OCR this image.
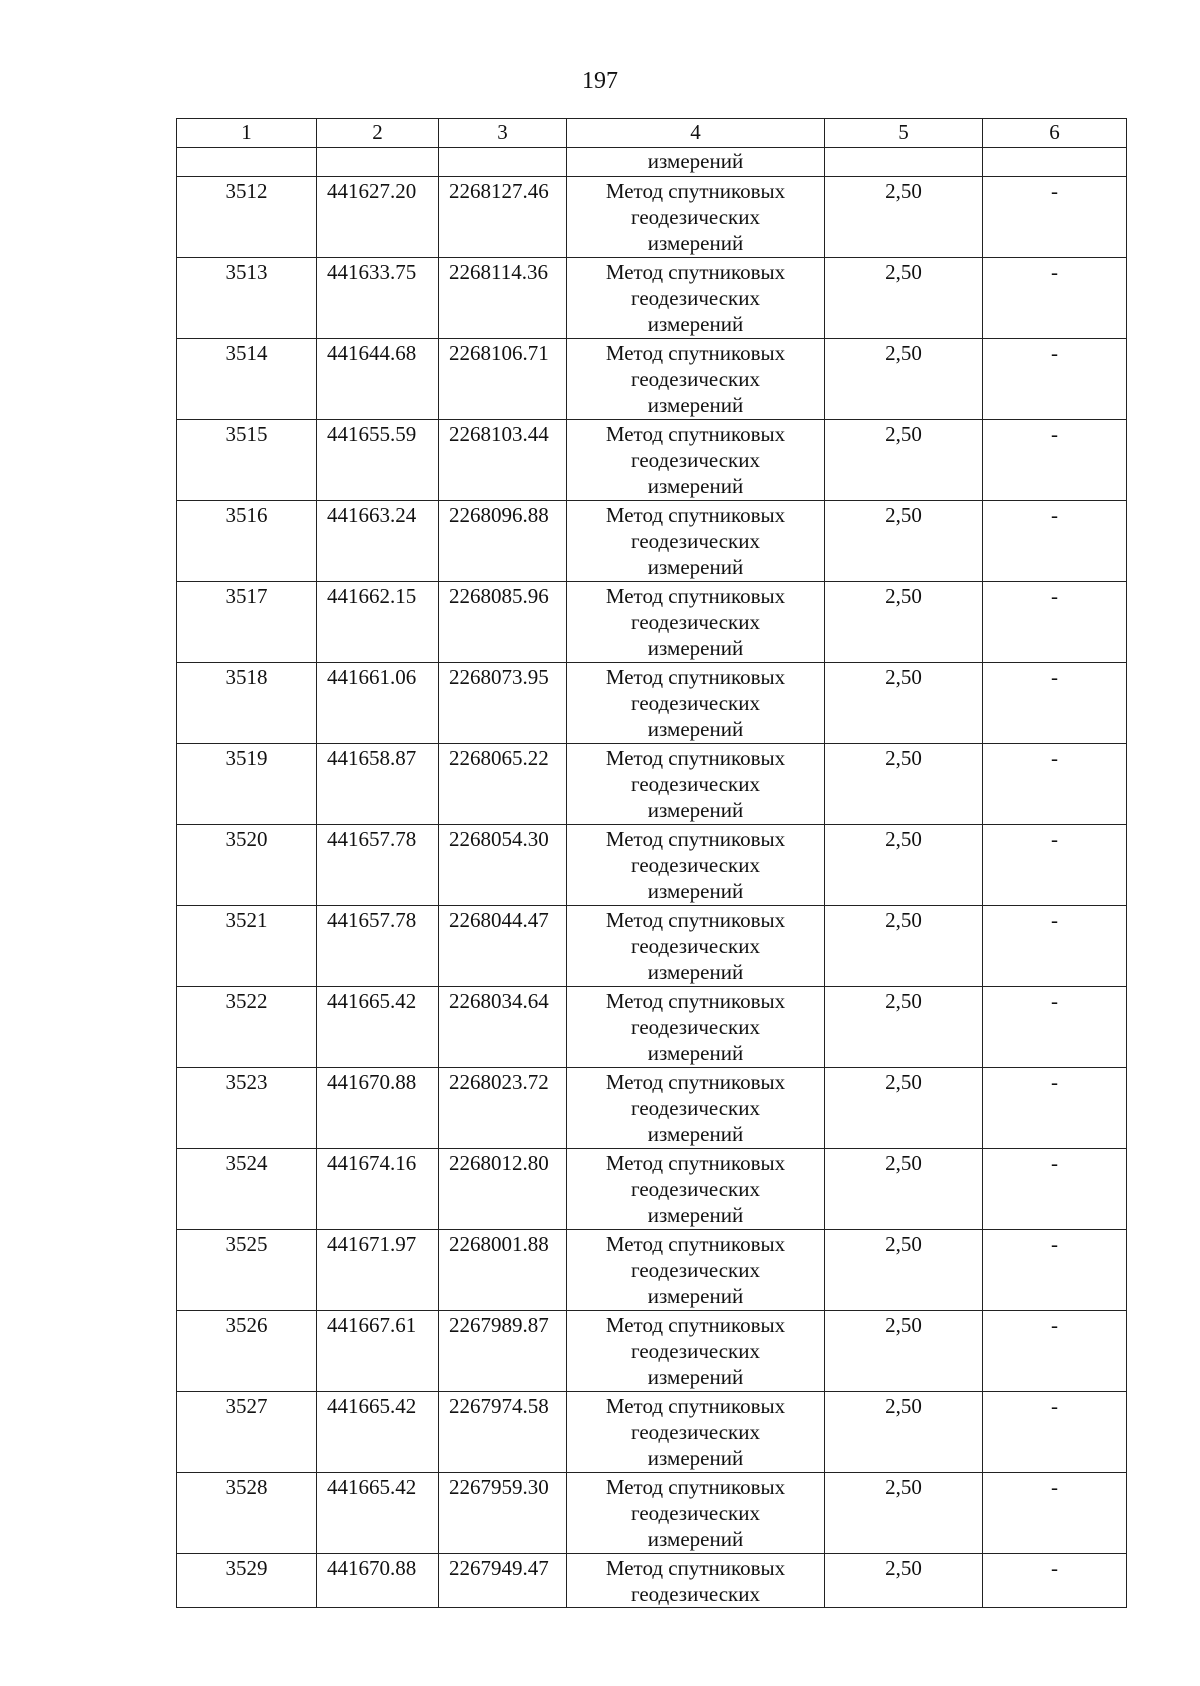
197
1	2	3	4	5	6
			измерений		
3512	441627.20	2268127.46	Метод спутниковых
геодезических
измерений	2,50	-
3513	441633.75	2268114.36	Метод спутниковых
геодезических
измерений	2,50	-
3514	441644.68	2268106.71	Метод спутниковых
геодезических
измерений	2,50	-
3515	441655.59	2268103.44	Метод спутниковых
геодезических
измерений	2,50	-
3516	441663.24	2268096.88	Метод спутниковых
геодезических
измерений	2,50	-
3517	441662.15	2268085.96	Метод спутниковых
геодезических
измерений	2,50	-
3518	441661.06	2268073.95	Метод спутниковых
геодезических
измерений	2,50	-
3519	441658.87	2268065.22	Метод спутниковых
геодезических
измерений	2,50	-
3520	441657.78	2268054.30	Метод спутниковых
геодезических
измерений	2,50	-
3521	441657.78	2268044.47	Метод спутниковых
геодезических
измерений	2,50	-
3522	441665.42	2268034.64	Метод спутниковых
геодезических
измерений	2,50	-
3523	441670.88	2268023.72	Метод спутниковых
геодезических
измерений	2,50	-
3524	441674.16	2268012.80	Метод спутниковых
геодезических
измерений	2,50	-
3525	441671.97	2268001.88	Метод спутниковых
геодезических
измерений	2,50	-
3526	441667.61	2267989.87	Метод спутниковых
геодезических
измерений	2,50	-
3527	441665.42	2267974.58	Метод спутниковых
геодезических
измерений	2,50	-
3528	441665.42	2267959.30	Метод спутниковых
геодезических
измерений	2,50	-
3529	441670.88	2267949.47	Метод спутниковых
геодезических	2,50	-
